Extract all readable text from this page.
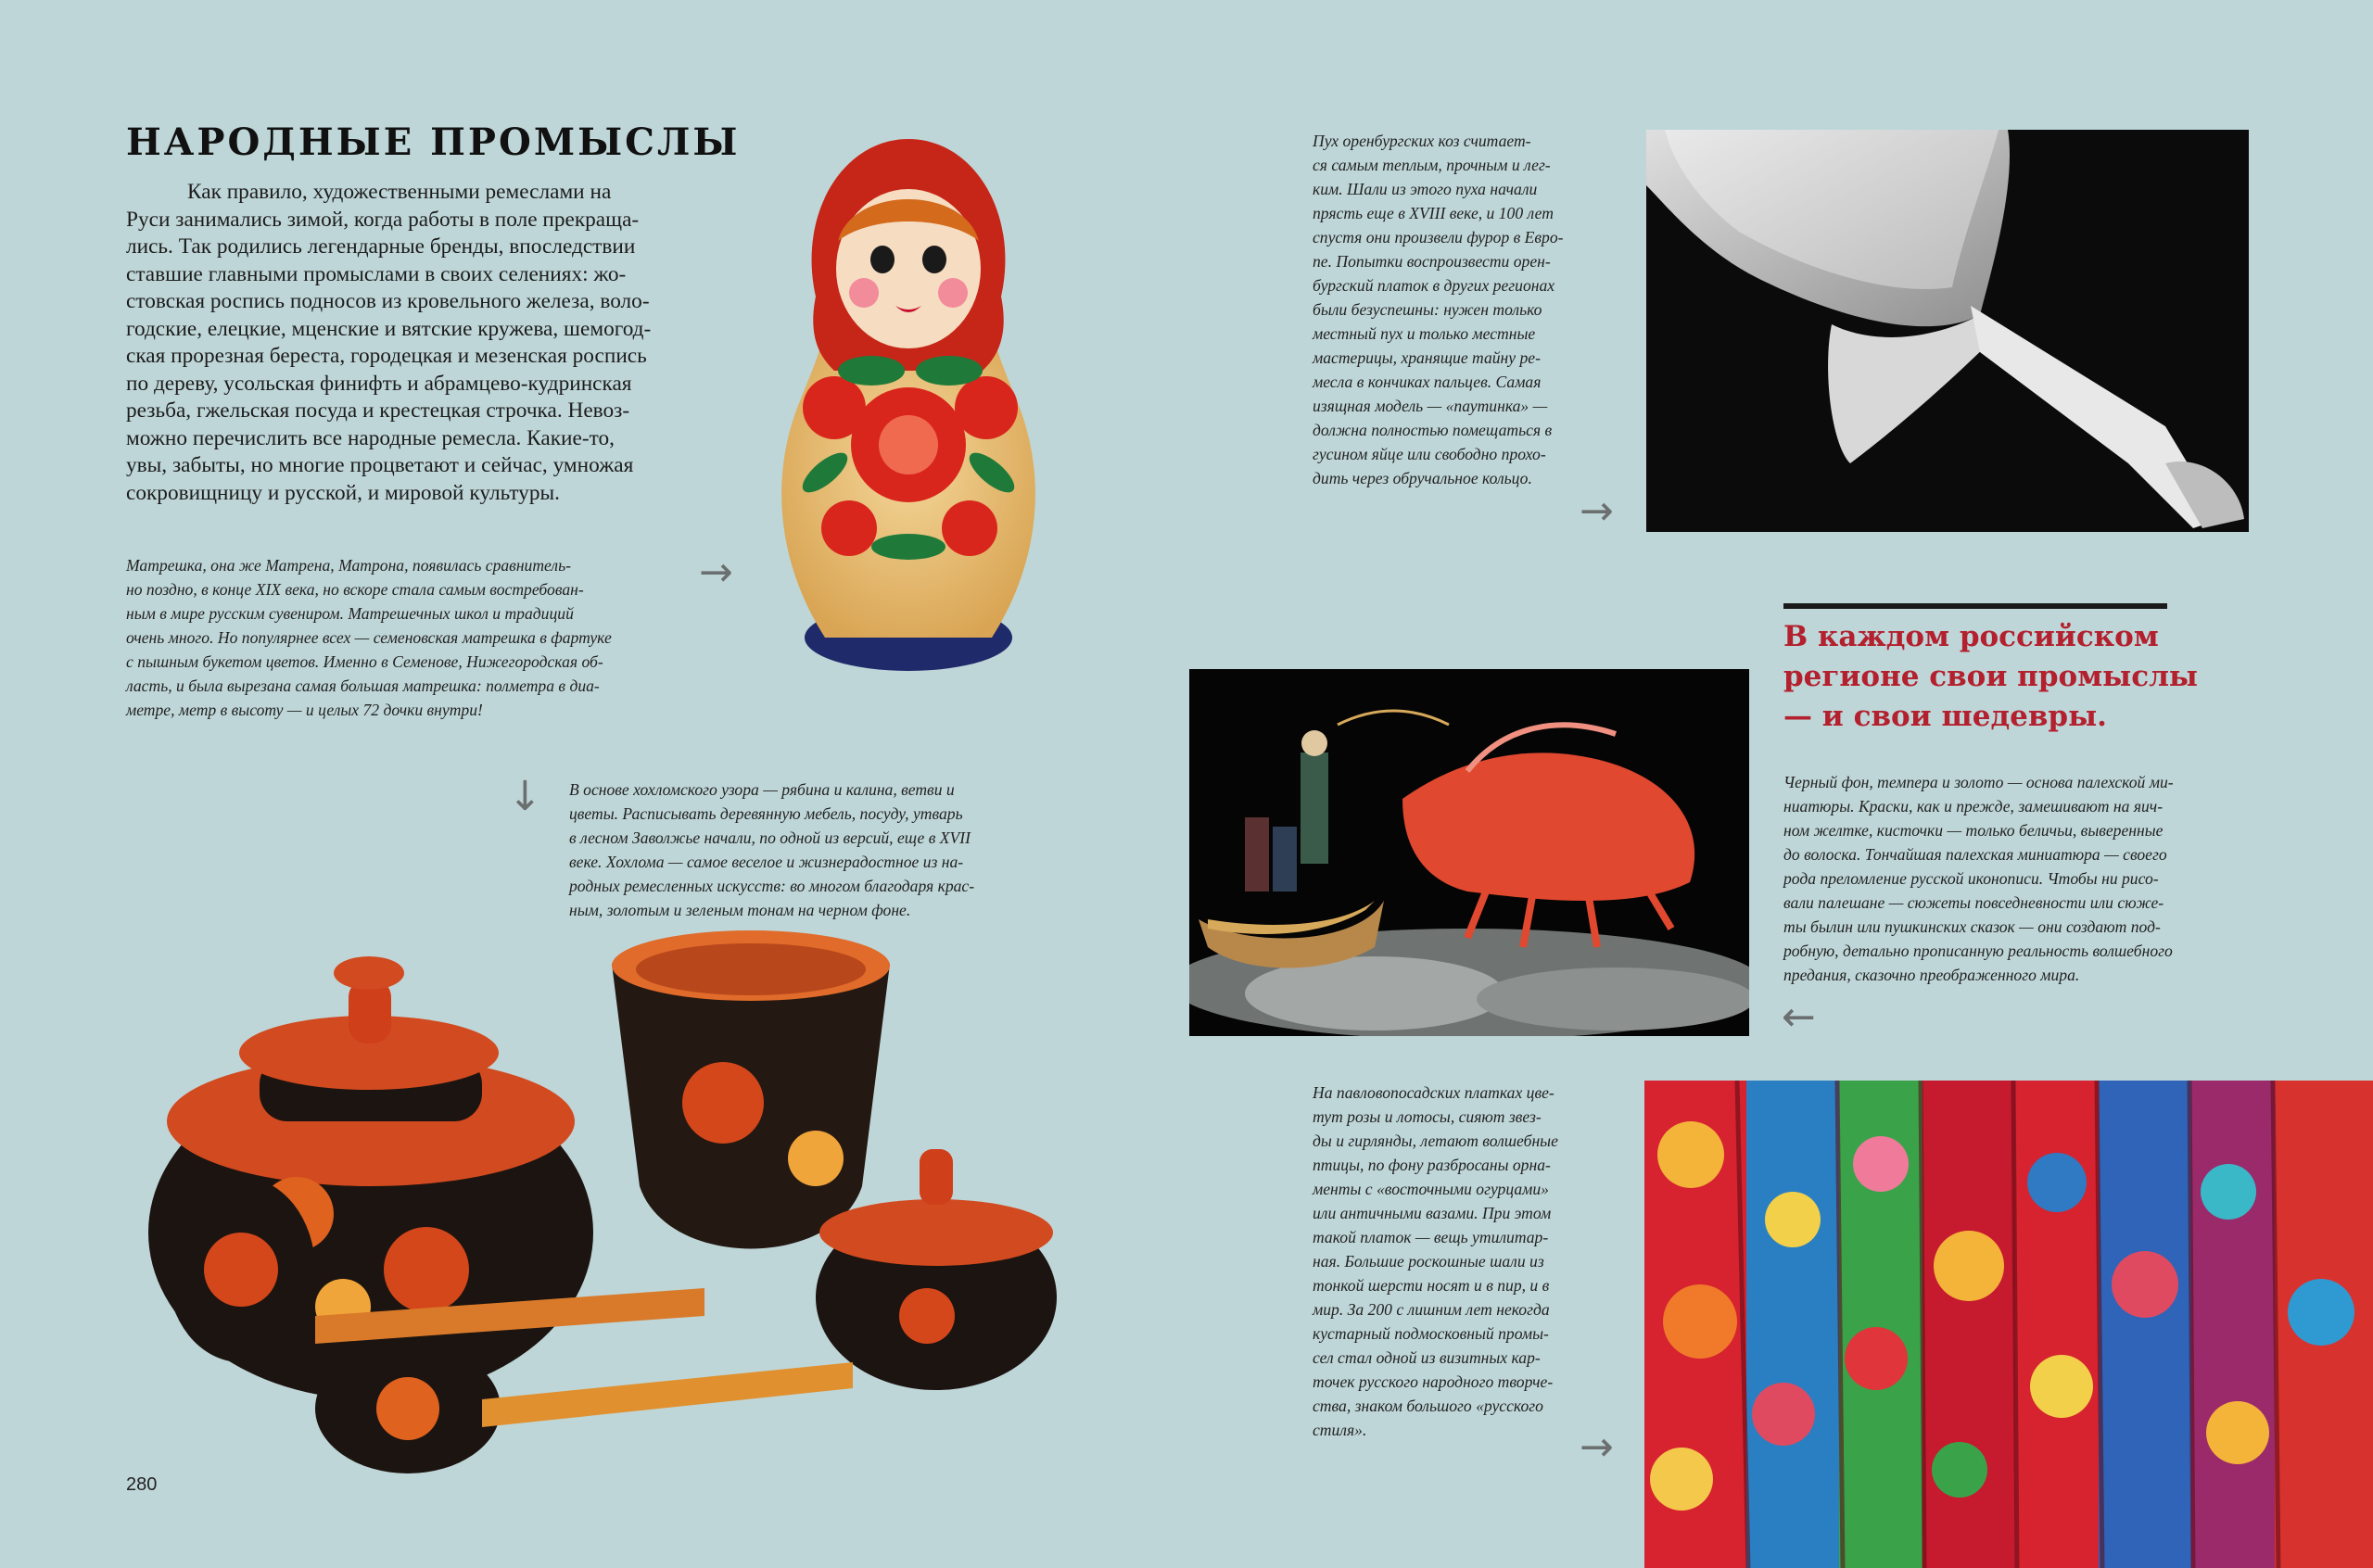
НАРОДНЫЕ ПРОМЫСЛЫ
Как правило, художественными ремеслами на
Руси занимались зимой, когда работы в поле прекраща-
лись. Так родились легендарные бренды, впоследствии
ставшие главными промыслами в своих селениях: жо-
стовская роспись подносов из кровельного железа, воло-
годские, елецкие, мценские и вятские кружева, шемогод-
ская прорезная береста, городецкая и мезенская роспись
по дереву, усольская финифть и абрамцево-кудринская
резьба, гжельская посуда и крестецкая строчка. Невоз-
можно перечислить все народные ремесла. Какие-то,
увы, забыты, но многие процветают и сейчас, умножая
сокровищницу и русской, и мировой культуры.
Матрешка, она же Матрена, Матрона, появилась сравнитель-
но поздно, в конце XIX века, но вскоре стала самым востребован-
ным в мире русским сувениром. Матрешечных школ и традиций
очень много. Но популярнее всех — семеновская матрешка в фартуке
с пышным букетом цветов. Именно в Семенове, Нижегородская об-
ласть, и была вырезана самая большая матрешка: полметра в диа-
метре, метр в высоту — и целых 72 дочки внутри!
→
↓ В основе хохломского узора — рябина и калина, ветви и
цветы. Расписывать деревянную мебель, посуду, утварь
в лесном Заволжье начали, по одной из версий, еще в XVII
веке. Хохлома — самое веселое и жизнерадостное из на-
родных ремесленных искусств: во многом благодаря крас-
ным, золотым и зеленым тонам на черном фоне.
Пух оренбургских коз считает-
ся самым теплым, прочным и лег-
ким. Шали из этого пуха начали
прясть еще в XVIII веке, и 100 лет
спустя они произвели фурор в Евро-
пе. Попытки воспроизвести орен-
бургский платок в других регионах
были безуспешны: нужен только
местный пух и только местные
мастерицы, хранящие тайну ре-
месла в кончиках пальцев. Самая
изящная модель — «паутинка» —
должна полностью помещаться в
гусином яйце или свободно прохо-
дить через обручальное кольцо.
→

В каждом российском
регионе свои промыслы
— и свои шедевры.

Черный фон, темпера и золото — основа палехской ми-
ниатюры. Краски, как и прежде, замешивают на яич-
ном желтке, кисточки — только беличьи, выверенные
до волоска. Тончайшая палехская миниатюра — своего
рода преломление русской иконописи. Чтобы ни рисо-
вали палешане — сюжеты повседневности или сюже-
ты былин или пушкинских сказок — они создают под-
робную, детально прописанную реальность волшебного
предания, сказочно преображенного мира.
←
На павловопосадских платках цве-
тут розы и лотосы, сияют звез-
ды и гирлянды, летают волшебные
птицы, по фону разбросаны орна-
менты с «восточными огурцами»
или античными вазами. При этом
такой платок — вещь утилитар-
ная. Большие роскошные шали из
тонкой шерсти носят и в пир, и в
мир. За 200 с лишним лет некогда
кустарный подмосковный промы-
сел стал одной из визитных кар-
точек русского народного творче-
ства, знаком большого «русского
стиля».	→
280
